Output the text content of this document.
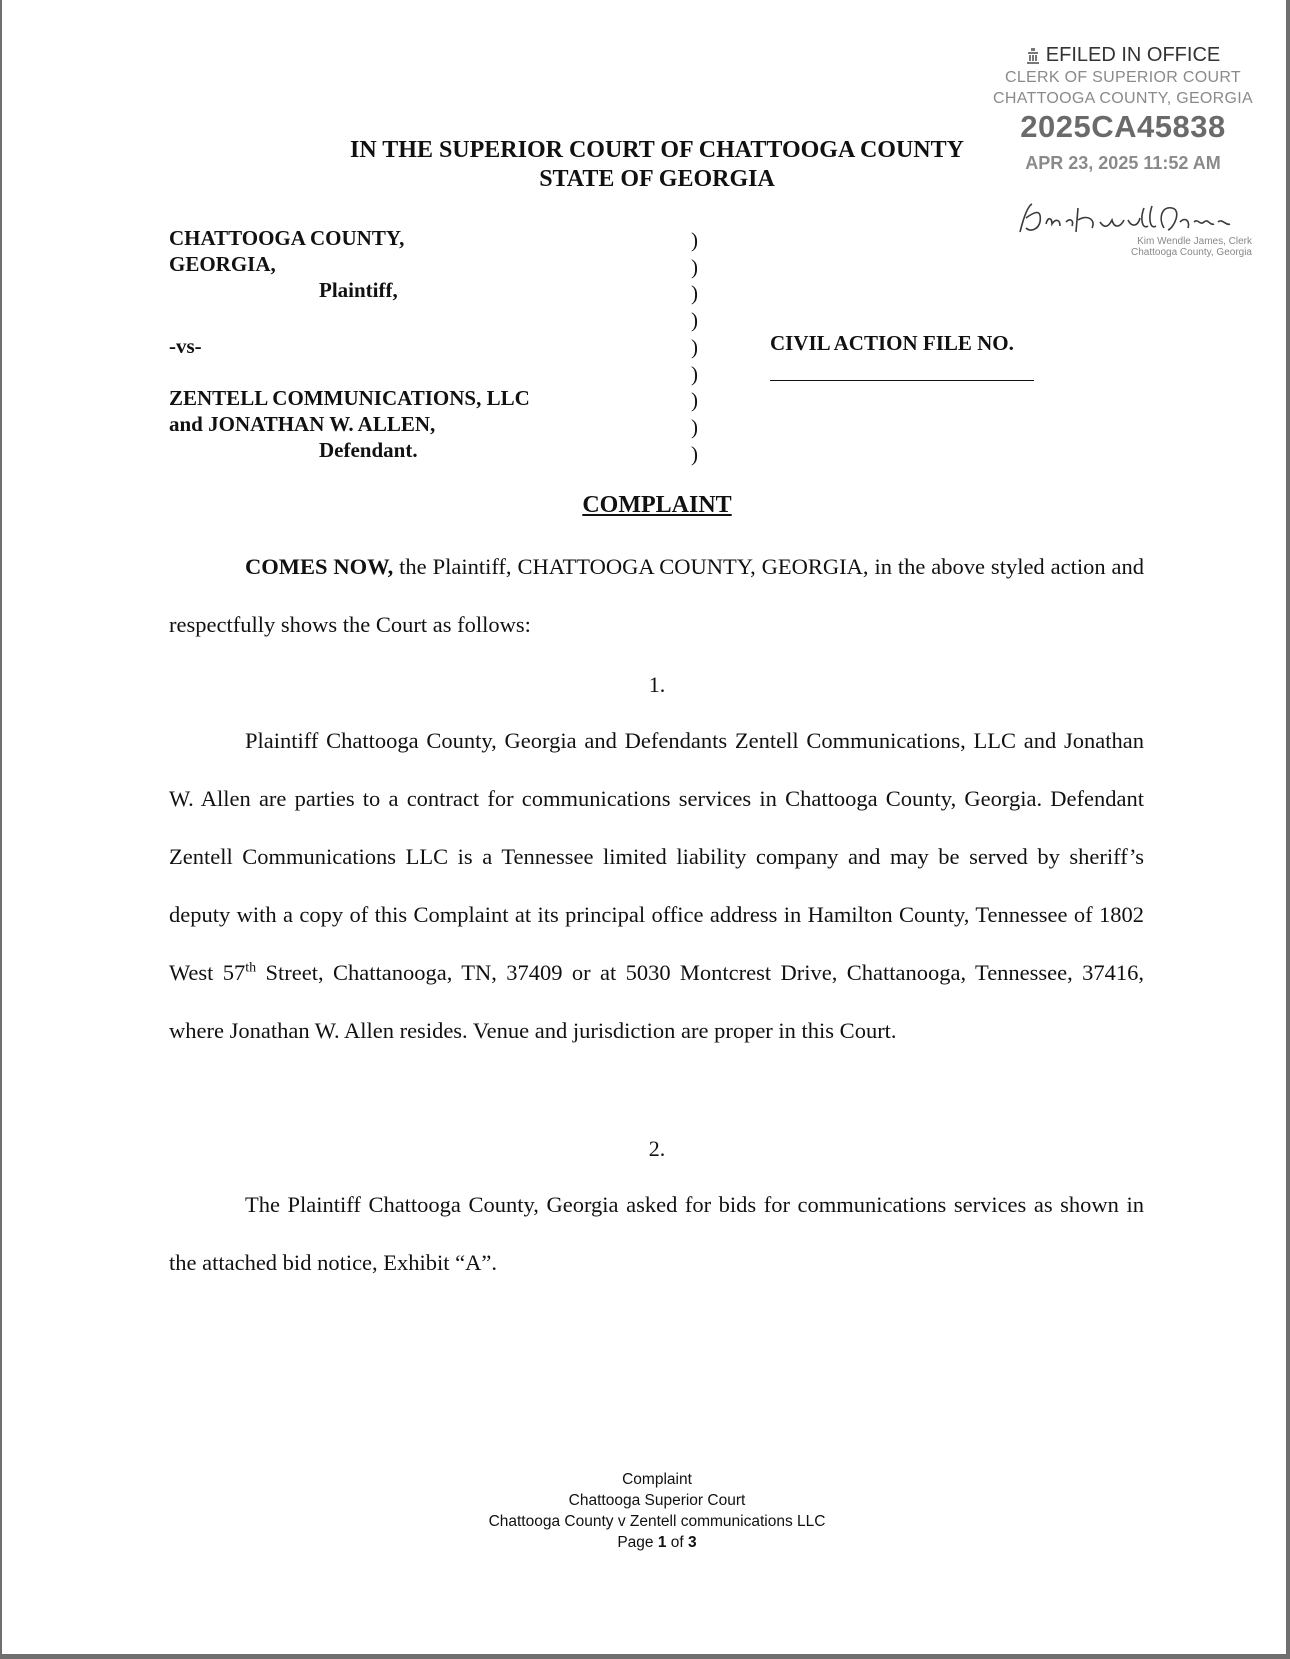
EFILED IN OFFICE
CLERK OF SUPERIOR COURT
CHATTOOGA COUNTY, GEORGIA
2025CA45838
APR 23, 2025 11:52 AM
Kim Wendle James, Clerk
Chattooga County, Georgia
IN THE SUPERIOR COURT OF CHATTOOGA COUNTY
STATE OF GEORGIA
CHATTOOGA COUNTY,
GEORGIA,
Plaintiff,
-vs-
ZENTELL COMMUNICATIONS, LLC
and JONATHAN W. ALLEN,
Defendant.
)
)
)
)
)
)
)
)
)
CIVIL ACTION FILE NO.
COMPLAINT

COMES NOW, the Plaintiff, CHATTOOGA COUNTY, GEORGIA, in the above styled action and respectfully shows the Court as follows:

1.

Plaintiff Chattooga County, Georgia and Defendants Zentell Communications, LLC and Jonathan W. Allen are parties to a contract for communications services in Chattooga County, Georgia. Defendant Zentell Communications LLC is a Tennessee limited liability company and may be served by sheriff’s deputy with a copy of this Complaint at its principal office address in Hamilton County, Tennessee of 1802 West 57th Street, Chattanooga, TN, 37409 or at 5030 Montcrest Drive, Chattanooga, Tennessee, 37416, where Jonathan W. Allen resides. Venue and jurisdiction are proper in this Court.

2.

The Plaintiff Chattooga County, Georgia asked for bids for communications services as shown in the attached bid notice, Exhibit “A”.

Complaint
Chattooga Superior Court
Chattooga County v Zentell communications LLC
Page 1 of 3
